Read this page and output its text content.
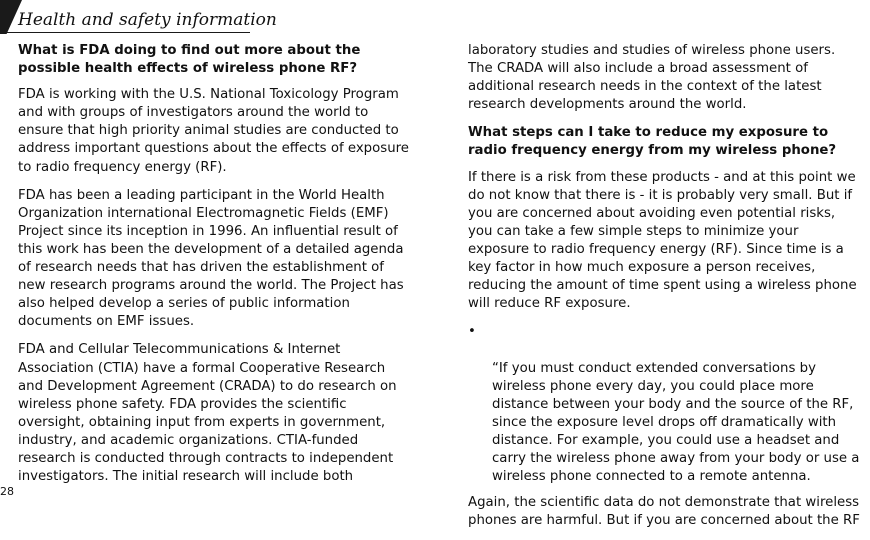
Health and safety information
What is FDA doing to find out more about the
possible health effects of wireless phone RF?

FDA is working with the U.S. National Toxicology Program
and with groups of investigators around the world to
ensure that high priority animal studies are conducted to
address important questions about the effects of exposure
to radio frequency energy (RF).

FDA has been a leading participant in the World Health
Organization international Electromagnetic Fields (EMF)
Project since its inception in 1996. An influential result of
this work has been the development of a detailed agenda
of research needs that has driven the establishment of
new research programs around the world. The Project has
also helped develop a series of public information
documents on EMF issues.

FDA and Cellular Telecommunications & Internet
Association (CTIA) have a formal Cooperative Research
and Development Agreement (CRADA) to do research on
wireless phone safety. FDA provides the scientific
oversight, obtaining input from experts in government,
industry, and academic organizations. CTIA-funded
research is conducted through contracts to independent
investigators. The initial research will include both

laboratory studies and studies of wireless phone users.
The CRADA will also include a broad assessment of
additional research needs in the context of the latest
research developments around the world.

What steps can I take to reduce my exposure to
radio frequency energy from my wireless phone?

If there is a risk from these products - and at this point we
do not know that there is - it is probably very small. But if
you are concerned about avoiding even potential risks,
you can take a few simple steps to minimize your
exposure to radio frequency energy (RF). Since time is a
key factor in how much exposure a person receives,
reducing the amount of time spent using a wireless phone
will reduce RF exposure.

•

“If you must conduct extended conversations by
wireless phone every day, you could place more
distance between your body and the source of the RF,
since the exposure level drops off dramatically with
distance. For example, you could use a headset and
carry the wireless phone away from your body or use a
wireless phone connected to a remote antenna.

Again, the scientific data do not demonstrate that wireless
phones are harmful. But if you are concerned about the RF

28
